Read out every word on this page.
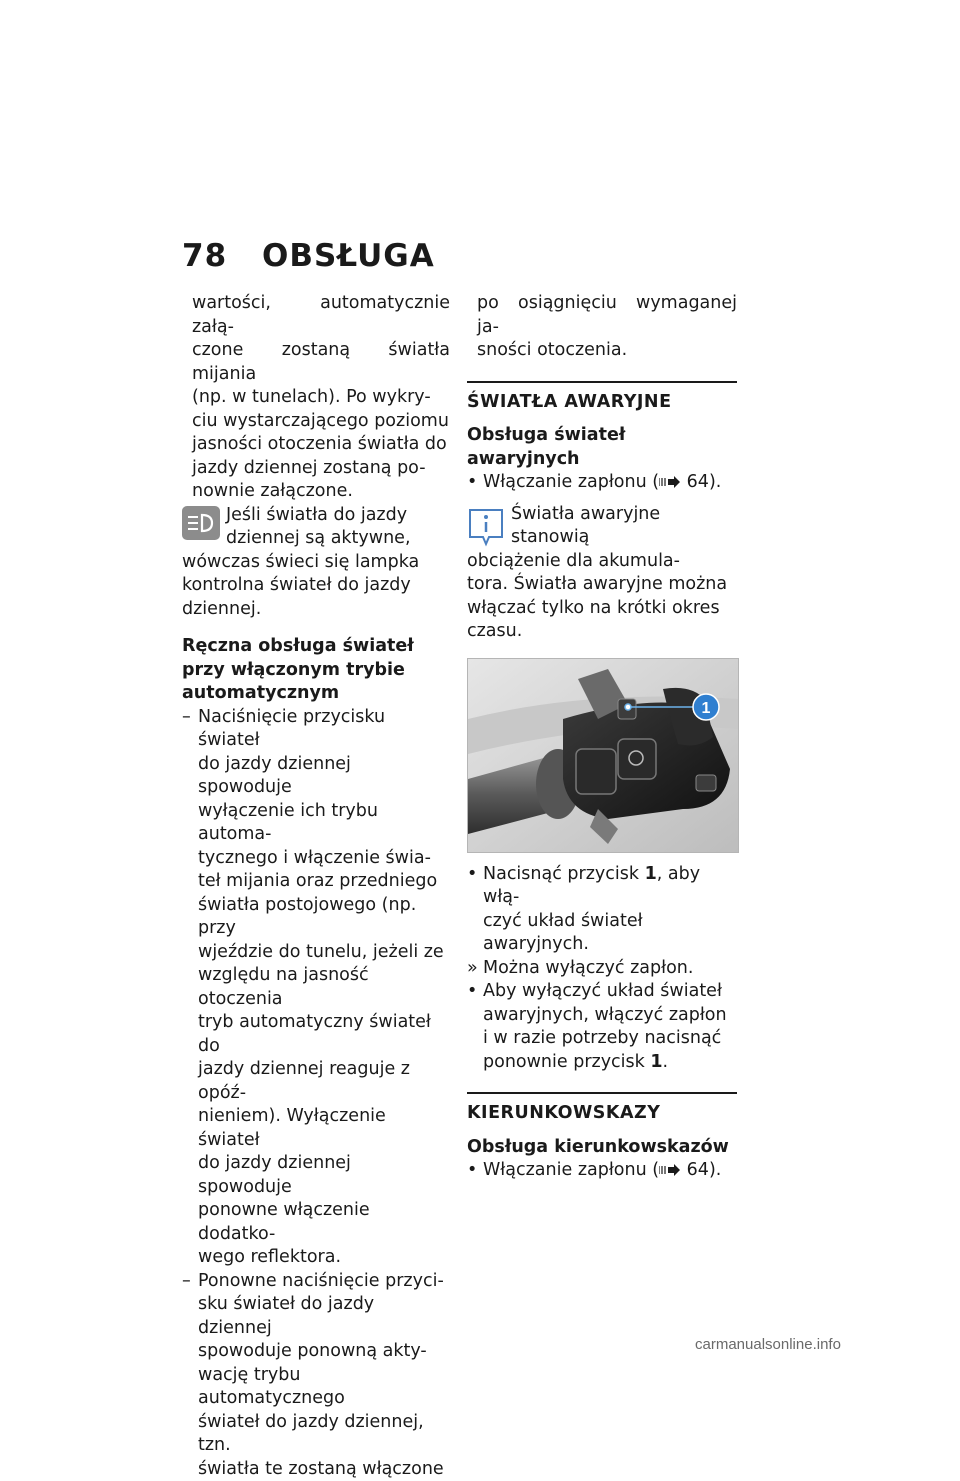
78 OBSŁUGA

wartości, automatycznie załą-

czone zostaną światła mijania

(np. w tunelach). Po wykry-

ciu wystarczającego poziomu

jasności otoczenia światła do

jazdy dziennej zostaną po-

nownie załączone.

Jeśli światła do jazdy

dziennej są aktywne,

wówczas świeci się lampka

kontrolna świateł do jazdy

dziennej.

Ręczna obsługa świateł

przy włączonym trybie

automatycznym

– Naciśnięcie przycisku świateł

do jazdy dziennej spowoduje

wyłączenie ich trybu automa-

tycznego i włączenie świa-

teł mijania oraz przedniego

światła postojowego (np. przy

wjeździe do tunelu, jeżeli ze

względu na jasność otoczenia

tryb automatyczny świateł do

jazdy dziennej reaguje z opóź-

nieniem). Wyłączenie świateł

do jazdy dziennej spowoduje

ponowne włączenie dodatko-

wego reflektora.

– Ponowne naciśnięcie przyci-

sku świateł do jazdy dziennej

spowoduje ponowną akty-

wację trybu automatycznego

świateł do jazdy dziennej, tzn.

światła te zostaną włączone

po osiągnięciu wymaganej ja-

sności otoczenia.

ŚWIATŁA AWARYJNE

Obsługa świateł awaryjnych

• Włączanie zapłonu ( 64).

Światła awaryjne stanowią

obciążenie dla akumula-

tora. Światła awaryjne można

włączać tylko na krótki okres

czasu.

1
• Nacisnąć przycisk 1, aby włą-

czyć układ świateł awaryjnych.

» Można wyłączyć zapłon.

• Aby wyłączyć układ świateł

awaryjnych, włączyć zapłon

i w razie potrzeby nacisnąć

ponownie przycisk 1.

KIERUNKOWSKAZY

Obsługa kierunkowskazów

• Włączanie zapłonu ( 64).
carmanualsonline.info
